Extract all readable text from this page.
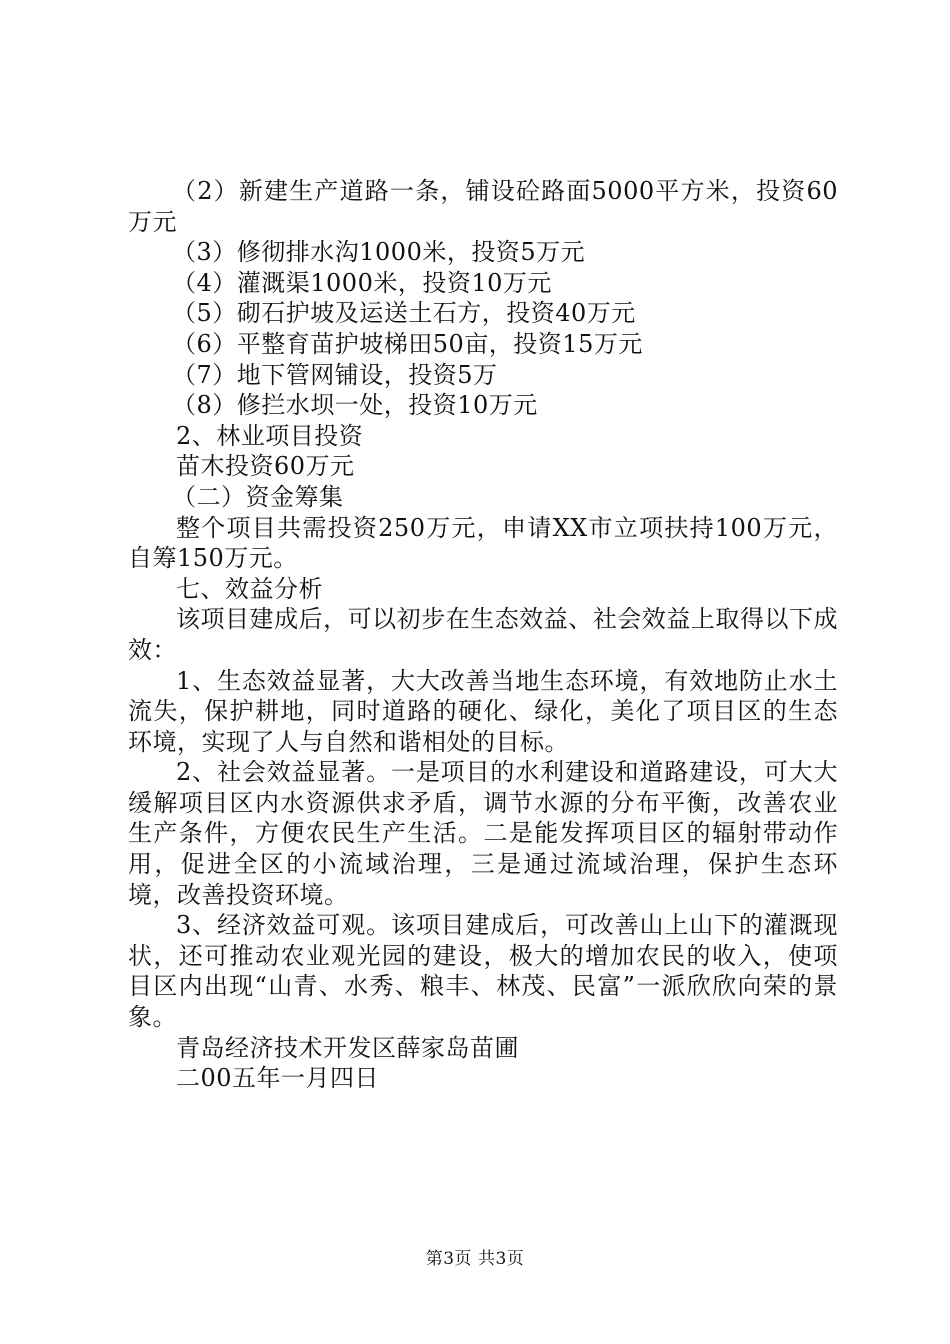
（2）新建生产道路一条，铺设砼路面5000平方米，投资60万元

（3）修彻排水沟1000米，投资5万元

（4）灌溉渠1000米，投资10万元

（5）砌石护坡及运送土石方，投资40万元

（6）平整育苗护坡梯田50亩，投资15万元

（7）地下管网铺设，投资5万

（8）修拦水坝一处，投资10万元

2、林业项目投资

苗木投资60万元

（二）资金筹集

整个项目共需投资250万元，申请XX市立项扶持100万元，自筹150万元。

七、效益分析

该项目建成后，可以初步在生态效益、社会效益上取得以下成效：

1、生态效益显著，大大改善当地生态环境，有效地防止水土流失，保护耕地，同时道路的硬化、绿化，美化了项目区的生态环境，实现了人与自然和谐相处的目标。

2、社会效益显著。一是项目的水利建设和道路建设，可大大缓解项目区内水资源供求矛盾，调节水源的分布平衡，改善农业生产条件，方便农民生产生活。二是能发挥项目区的辐射带动作用，促进全区的小流域治理，三是通过流域治理，保护生态环境，改善投资环境。

3、经济效益可观。该项目建成后，可改善山上山下的灌溉现状，还可推动农业观光园的建设，极大的增加农民的收入，使项目区内出现“山青、水秀、粮丰、林茂、民富”一派欣欣向荣的景象。

青岛经济技术开发区薛家岛苗圃

二00五年一月四日

第3页 共3页
